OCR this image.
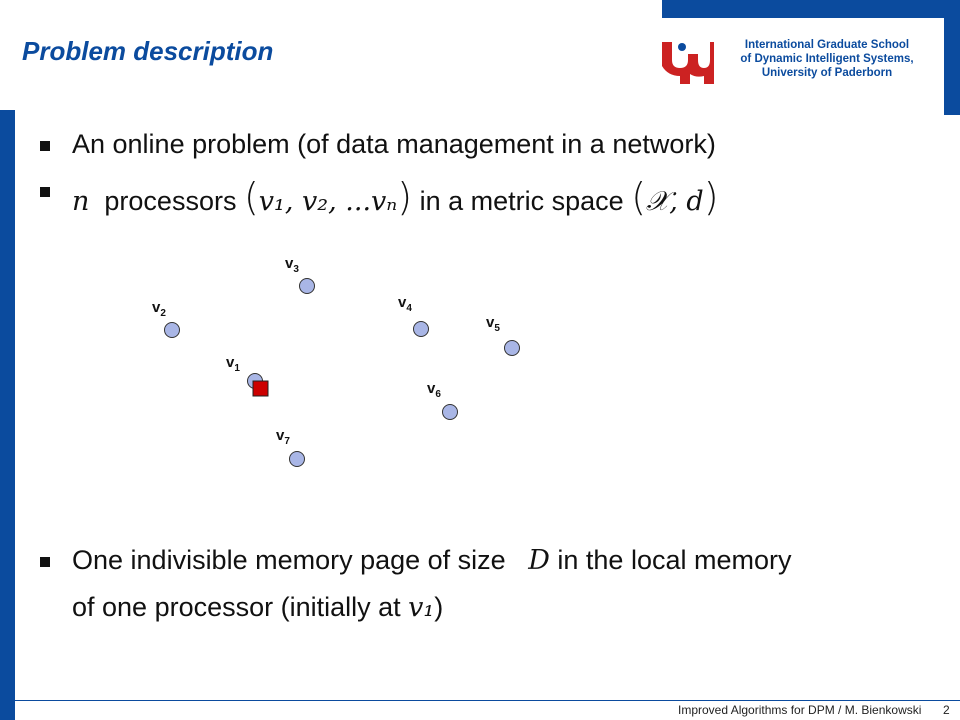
Problem description	International Graduate School
of Dynamic Intelligent Systems,
University of Paderborn
An online problem (of data management in a network)
n processors (v₁, v₂, ...vₙ) in a metric space (𝒳, d)
One indivisible memory page of size D in the local memory
of one processor (initially at v₁)
$v_1$
$v_2$
$v_3$
$v_4$
$v_5$
$v_6$
$v_7$
Improved Algorithms for DPM / M. Bienkowski 2
